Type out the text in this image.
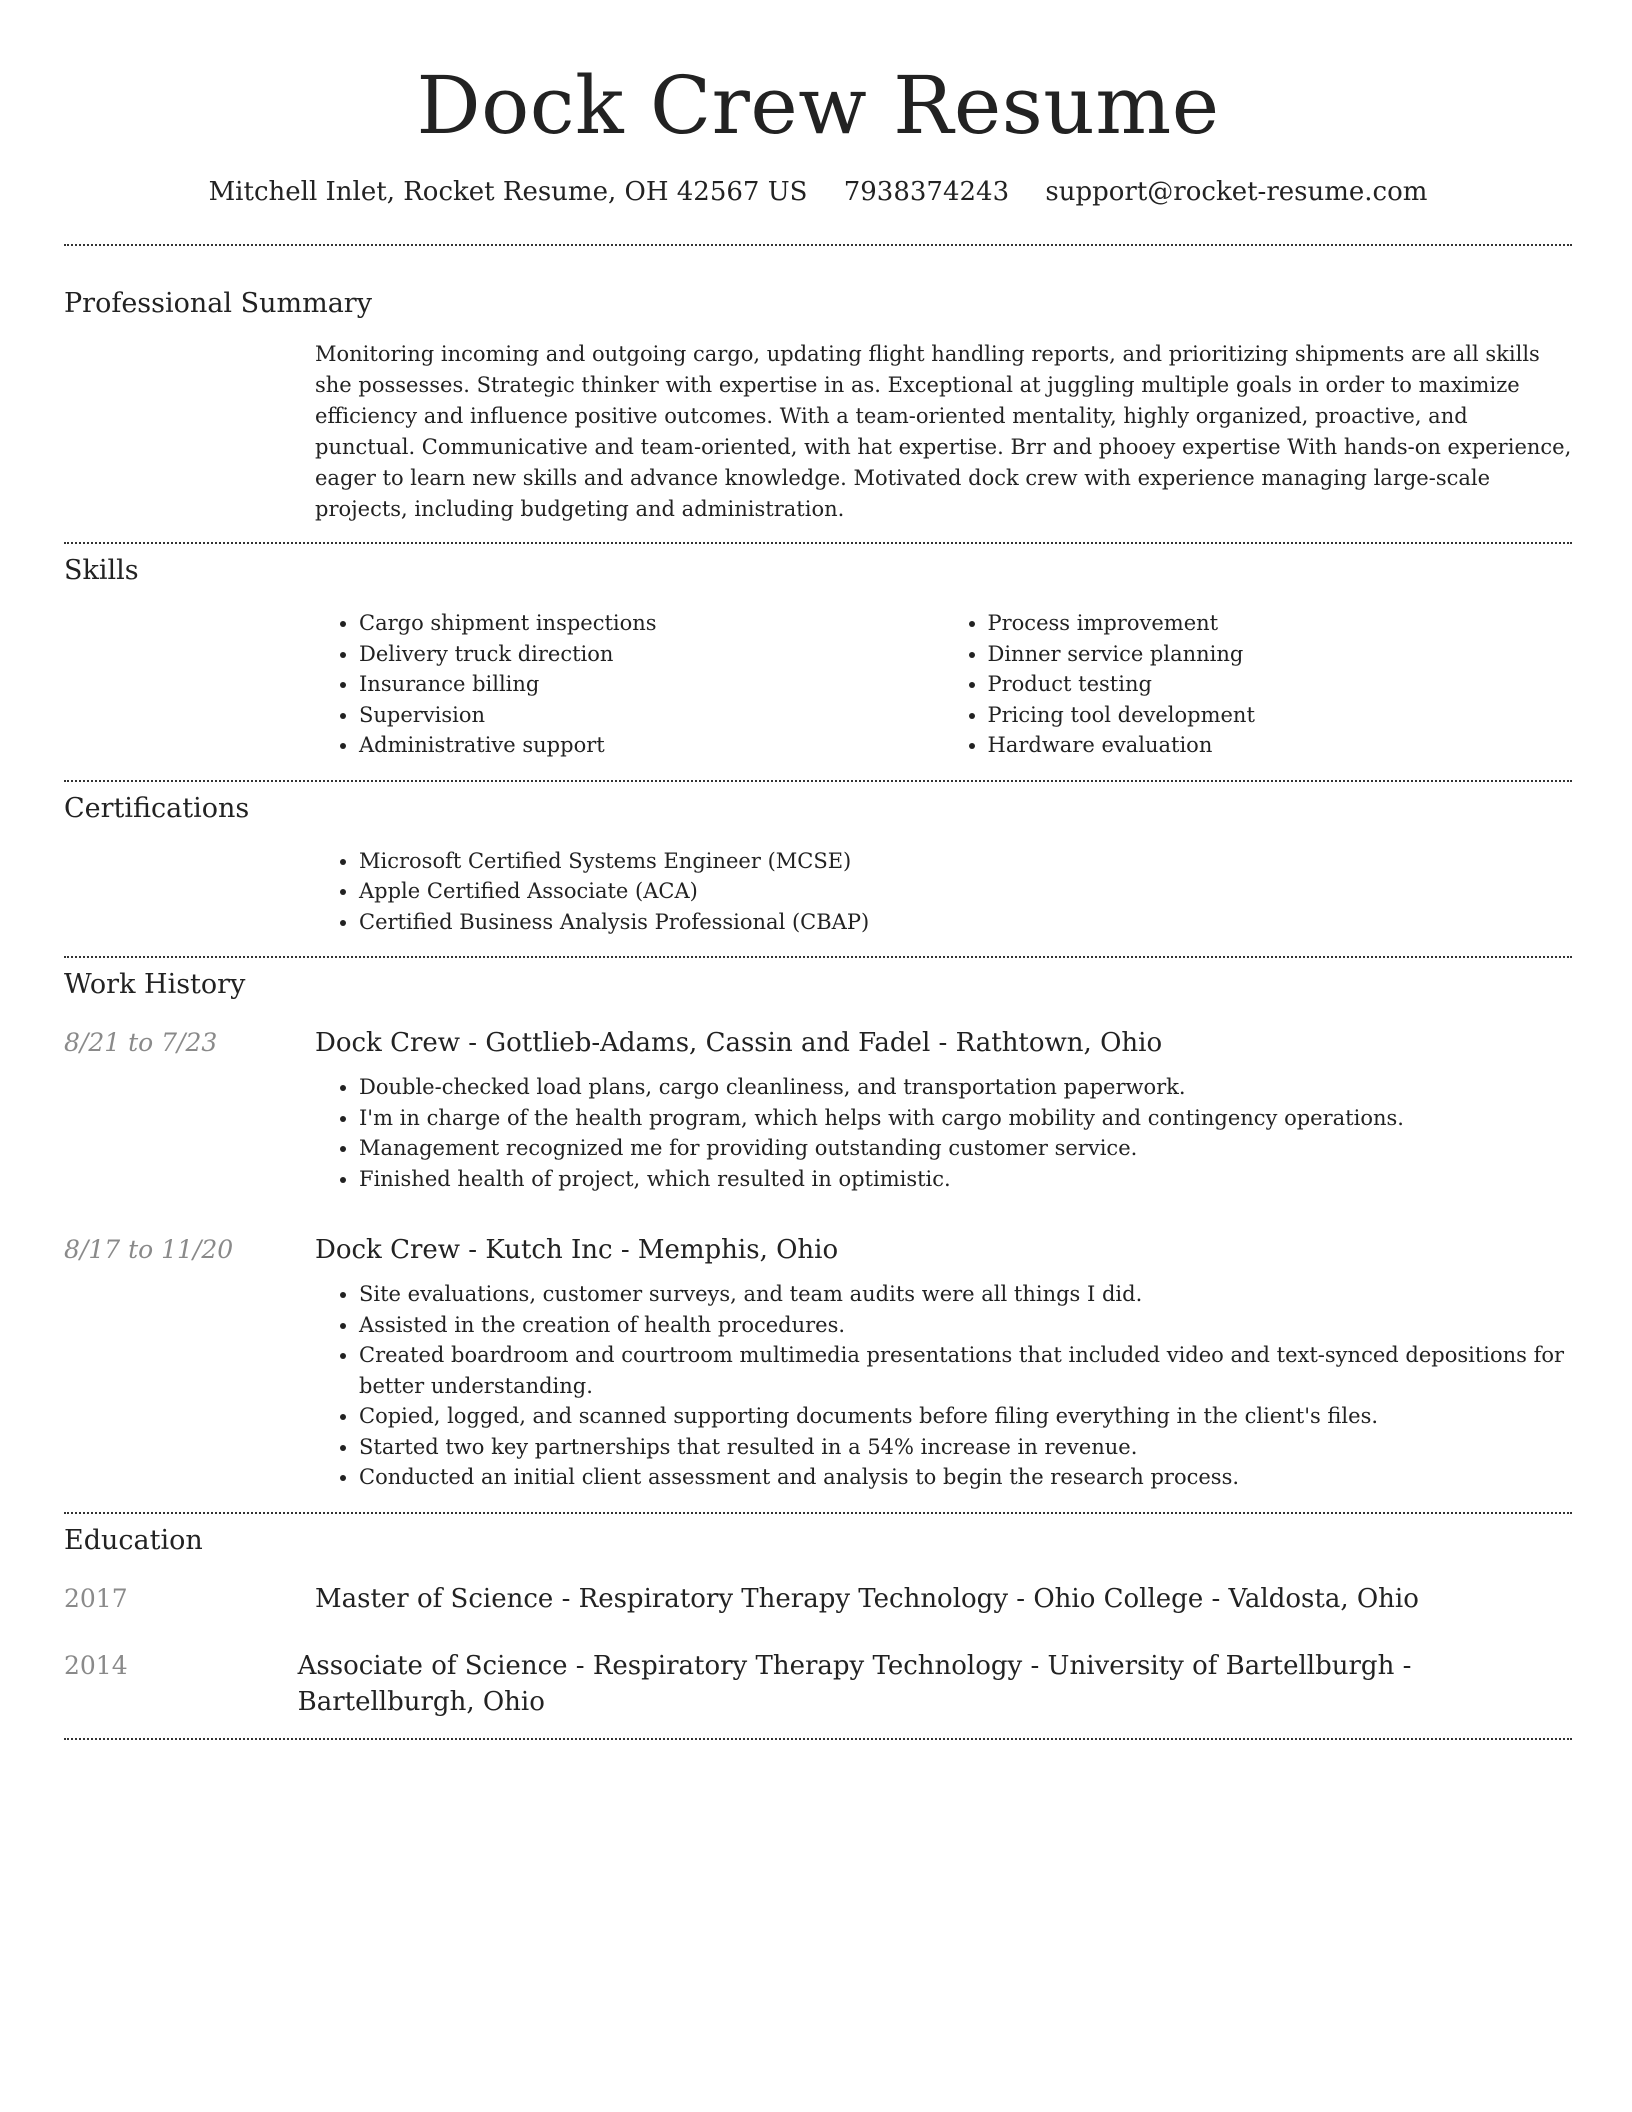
Dock Crew Resume
Mitchell Inlet, Rocket Resume, OH 42567 US 7938374243 support@rocket-resume.com
Professional Summary
Monitoring incoming and outgoing cargo, updating flight handling reports, and prioritizing shipments are all skills she possesses. Strategic thinker with expertise in as. Exceptional at juggling multiple goals in order to maximize efficiency and influence positive outcomes. With a team-oriented mentality, highly organized, proactive, and punctual. Communicative and team-oriented, with hat expertise. Brr and phooey expertise With hands-on experience, eager to learn new skills and advance knowledge. Motivated dock crew with experience managing large-scale projects, including budgeting and administration.
Skills
• Cargo shipment inspections
• Delivery truck direction
• Insurance billing
• Supervision
• Administrative support
• Process improvement
• Dinner service planning
• Product testing
• Pricing tool development
• Hardware evaluation
Certifications
• Microsoft Certified Systems Engineer (MCSE)
• Apple Certified Associate (ACA)
• Certified Business Analysis Professional (CBAP)
Work History
8/21 to 7/23	Dock Crew - Gottlieb-Adams, Cassin and Fadel - Rathtown, Ohio
• Double-checked load plans, cargo cleanliness, and transportation paperwork.
• I'm in charge of the health program, which helps with cargo mobility and contingency operations.
• Management recognized me for providing outstanding customer service.
• Finished health of project, which resulted in optimistic.
8/17 to 11/20	Dock Crew - Kutch Inc - Memphis, Ohio
• Site evaluations, customer surveys, and team audits were all things I did.
• Assisted in the creation of health procedures.
• Created boardroom and courtroom multimedia presentations that included video and text-synced depositions for better understanding.
• Copied, logged, and scanned supporting documents before filing everything in the client's files.
• Started two key partnerships that resulted in a 54% increase in revenue.
• Conducted an initial client assessment and analysis to begin the research process.
Education
2017	Master of Science - Respiratory Therapy Technology - Ohio College - Valdosta, Ohio
2014	Associate of Science - Respiratory Therapy Technology - University of Bartellburgh - Bartellburgh, Ohio
